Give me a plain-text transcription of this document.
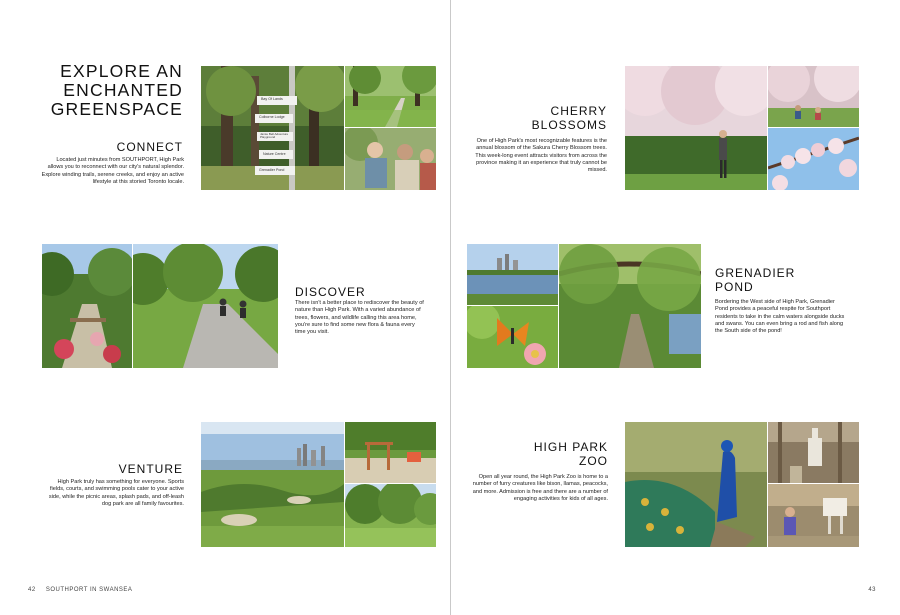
EXPLORE AN ENCHANTED GREENSPACE
CONNECT

Located just minutes from SOUTHPORT, High Park allows you to reconnect with our city's natural splendor. Explore winding trails, serene creeks, and enjoy an active lifestyle at this storied Toronto locale.

Bay Of Lands
Colborne Lodge
Jamie Bell Adventure Playground
Nature Centre
Grenadier Pond
DISCOVER

There isn't a better place to rediscover the beauty of nature than High Park. With a varied abundance of trees, flowers, and wildlife calling this area home, you're sure to find some new flora & fauna every time you visit.

VENTURE

High Park truly has something for everyone. Sports fields, courts, and swimming pools cater to your active side, while the picnic areas, splash pads, and off-leash dog park are all family favourites.

42 SOUTHPORT IN SWANSEA
CHERRY BLOSSOMS

One of High Park's most recognizable features is the annual blossom of the Sakura Cherry Blossom trees. This week-long event attracts visitors from across the province making it an experience that truly cannot be missed.

GRENADIER POND

Bordering the West side of High Park, Grenadier Pond provides a peaceful respite for Southport residents to take in the calm waters alongside ducks and swans. You can even bring a rod and fish along the South side of the pond!

HIGH PARK ZOO

Open all year round, the High Park Zoo is home to a number of furry creatures like bison, llamas, peacocks, and more. Admission is free and there are a number of engaging activities for kids of all ages.

43
